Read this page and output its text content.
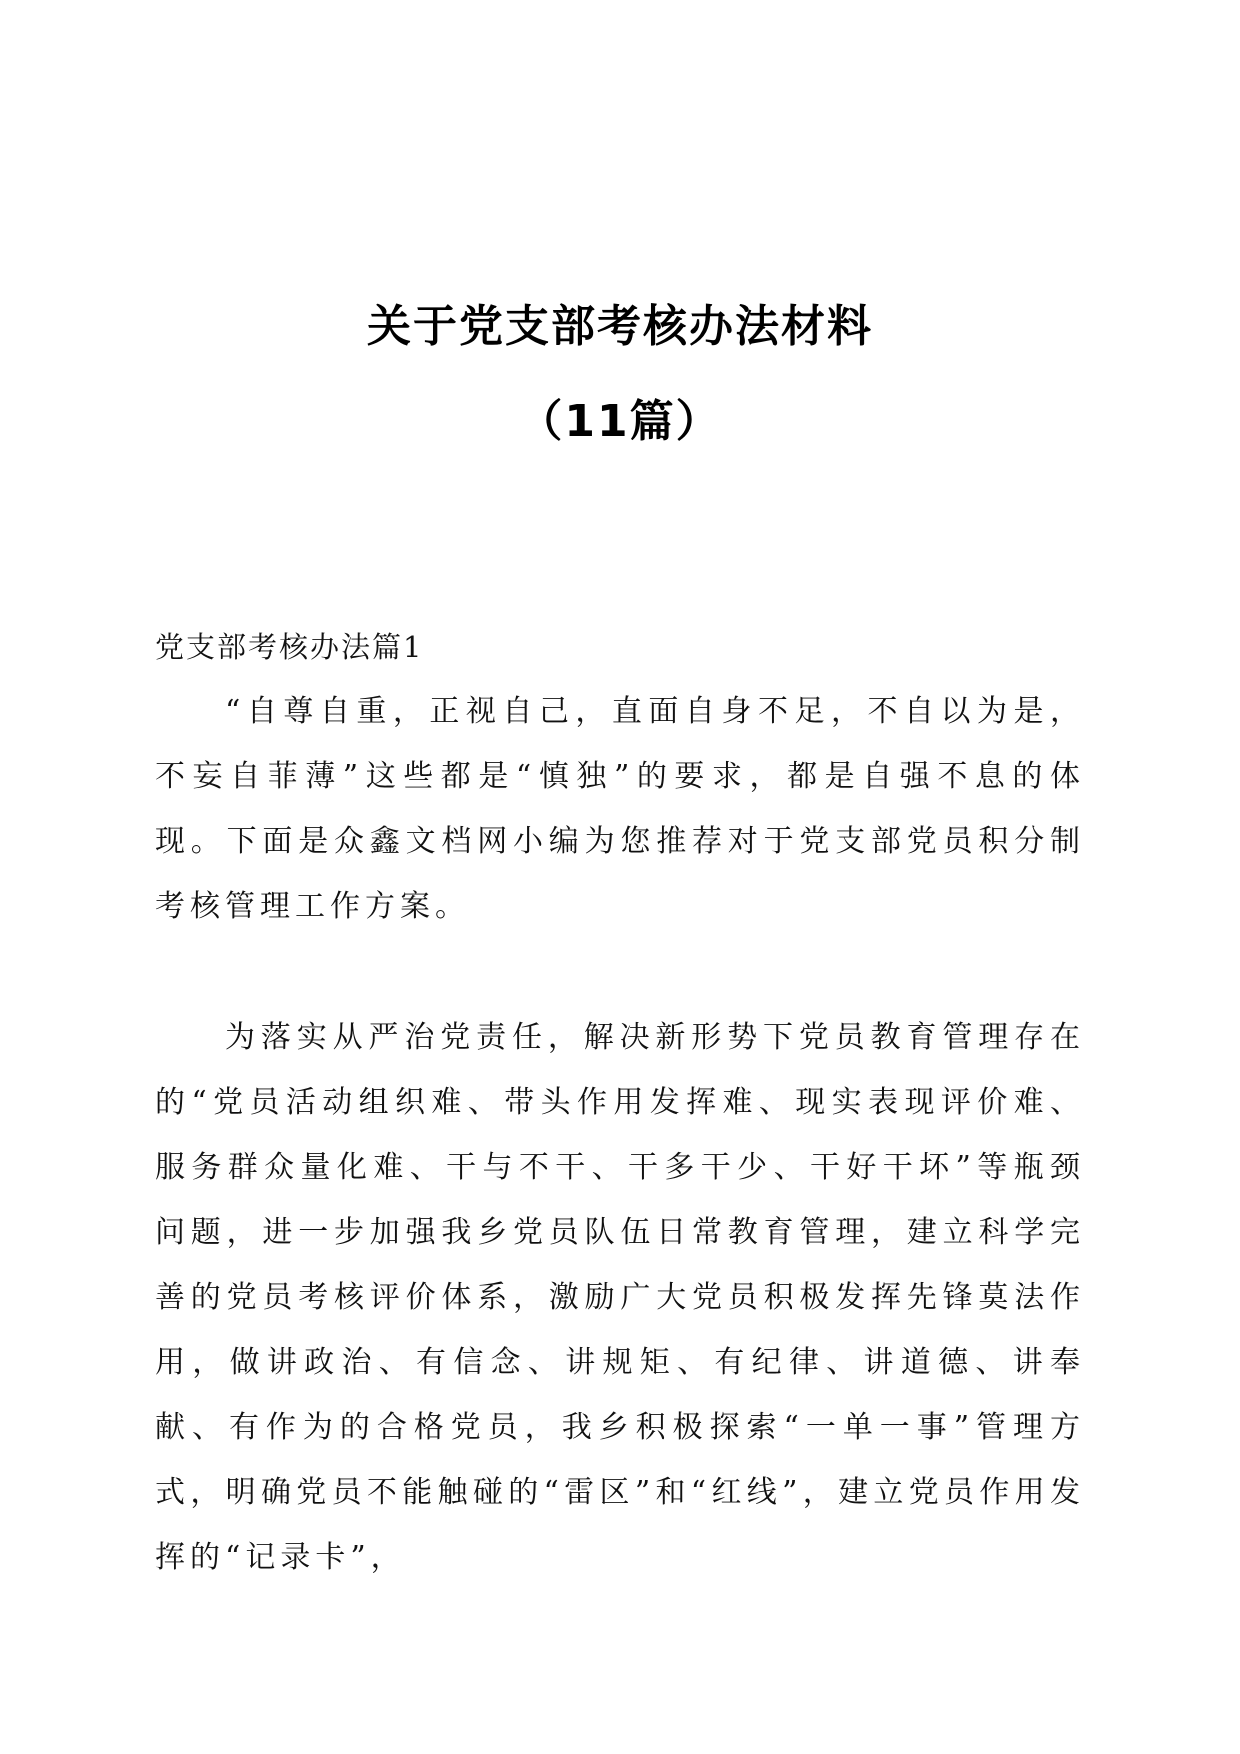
关于党支部考核办法材料
（11篇）
党支部考核办法篇1

“自尊自重，正视自己，直面自身不足，不自以为是，不妄自菲薄”这些都是“慎独”的要求，都是自强不息的体现。下面是众鑫文档网小编为您推荐对于党支部党员积分制考核管理工作方案。

为落实从严治党责任，解决新形势下党员教育管理存在的“党员活动组织难、带头作用发挥难、现实表现评价难、服务群众量化难、干与不干、干多干少、干好干坏”等瓶颈问题，进一步加强我乡党员队伍日常教育管理，建立科学完善的党员考核评价体系，激励广大党员积极发挥先锋莫法作用，做讲政治、有信念、讲规矩、有纪律、讲道德、讲奉献、有作为的合格党员，我乡积极探索“一单一事”管理方式，明确党员不能触碰的“雷区”和“红线”，建立党员作用发挥的“记录卡”，
